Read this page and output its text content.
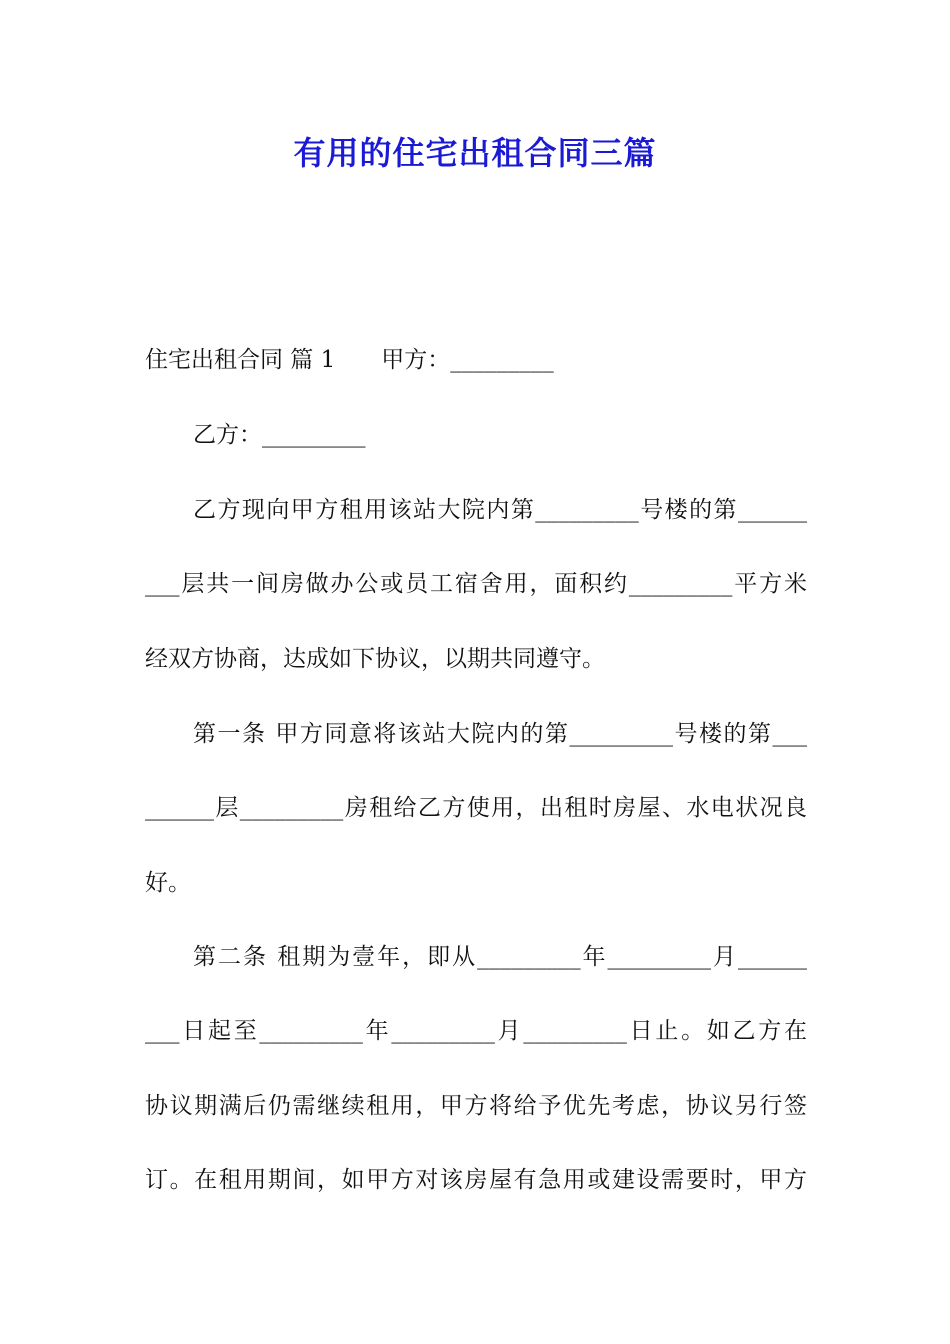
有用的住宅出租合同三篇
住宅出租合同 篇 1 甲方：_________
乙方：_________
乙方现向甲方租用该站大院内第_________号楼的第______
___层共一间房做办公或员工宿舍用，面积约_________平方米
经双方协商，达成如下协议，以期共同遵守。
第一条 甲方同意将该站大院内的第_________号楼的第___
______层_________房租给乙方使用，出租时房屋、水电状况良
好。
第二条 租期为壹年，即从_________年_________月______
___日起至_________年_________月_________日止。如乙方在
协议期满后仍需继续租用，甲方将给予优先考虑，协议另行签
订。在租用期间，如甲方对该房屋有急用或建设需要时，甲方
